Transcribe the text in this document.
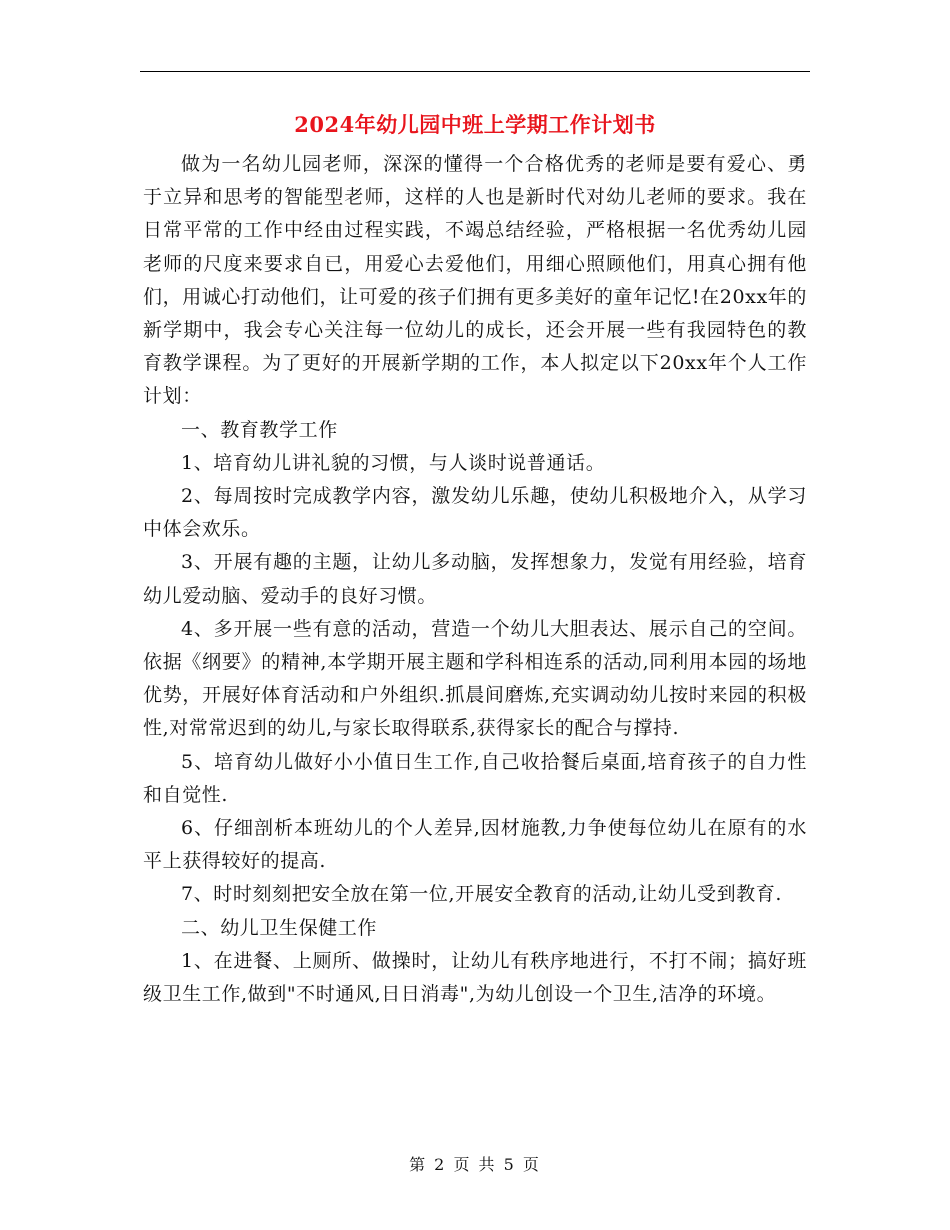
2024年幼儿园中班上学期工作计划书

做为一名幼儿园老师，深深的懂得一个合格优秀的老师是要有爱心、勇于立异和思考的智能型老师，这样的人也是新时代对幼儿老师的要求。我在日常平常的工作中经由过程实践，不竭总结经验，严格根据一名优秀幼儿园老师的尺度来要求自已，用爱心去爱他们，用细心照顾他们，用真心拥有他们，用诚心打动他们，让可爱的孩子们拥有更多美好的童年记忆!在20xx年的新学期中，我会专心关注每一位幼儿的成长，还会开展一些有我园特色的教育教学课程。为了更好的开展新学期的工作，本人拟定以下20xx年个人工作计划：

一、教育教学工作

1、培育幼儿讲礼貌的习惯，与人谈时说普通话。

2、每周按时完成教学内容，激发幼儿乐趣，使幼儿积极地介入，从学习中体会欢乐。

3、开展有趣的主题，让幼儿多动脑，发挥想象力，发觉有用经验，培育幼儿爱动脑、爱动手的良好习惯。

4、多开展一些有意的活动，营造一个幼儿大胆表达、展示自己的空间。依据《纲要》的精神,本学期开展主题和学科相连系的活动,同利用本园的场地优势，开展好体育活动和户外组织.抓晨间磨炼,充实调动幼儿按时来园的积极性,对常常迟到的幼儿,与家长取得联系,获得家长的配合与撑持.

5、培育幼儿做好小小值日生工作,自己收拾餐后桌面,培育孩子的自力性和自觉性.

6、仔细剖析本班幼儿的个人差异,因材施教,力争使每位幼儿在原有的水平上获得较好的提高.

7、时时刻刻把安全放在第一位,开展安全教育的活动,让幼儿受到教育.

二、幼儿卫生保健工作

1、在进餐、上厕所、做操时，让幼儿有秩序地进行，不打不闹；搞好班级卫生工作,做到"不时通风,日日消毒",为幼儿创设一个卫生,洁净的环境。

第 2 页 共 5 页
